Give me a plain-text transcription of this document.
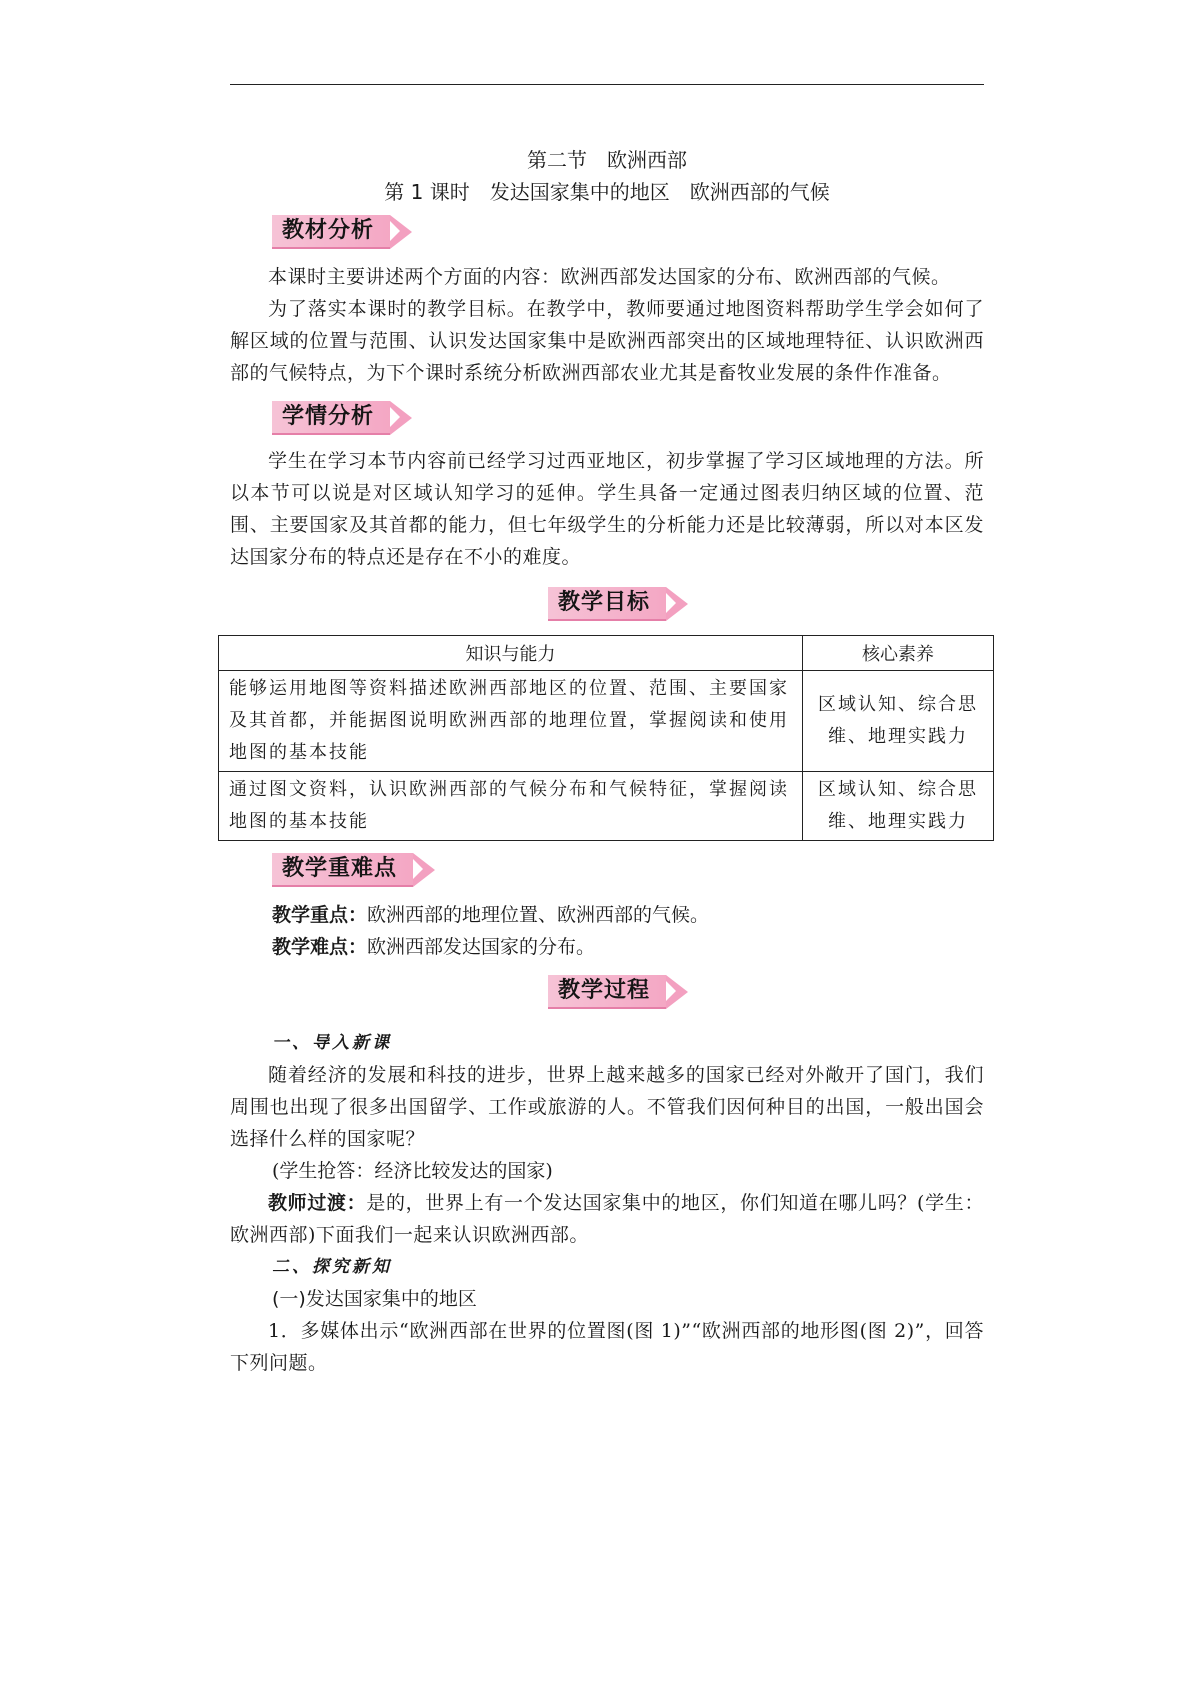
第二节　欧洲西部
第 1 课时　发达国家集中的地区　欧洲西部的气候
教材分析
本课时主要讲述两个方面的内容：欧洲西部发达国家的分布、欧洲西部的气候。
为了落实本课时的教学目标。在教学中，教师要通过地图资料帮助学生学会如何了解区域的位置与范围、认识发达国家集中是欧洲西部突出的区域地理特征、认识欧洲西部的气候特点，为下个课时系统分析欧洲西部农业尤其是畜牧业发展的条件作准备。
学情分析
学生在学习本节内容前已经学习过西亚地区，初步掌握了学习区域地理的方法。所以本节可以说是对区域认知学习的延伸。学生具备一定通过图表归纳区域的位置、范围、主要国家及其首都的能力，但七年级学生的分析能力还是比较薄弱，所以对本区发达国家分布的特点还是存在不小的难度。
教学目标
知识与能力	核心素养
能够运用地图等资料描述欧洲西部地区的位置、范围、主要国家及其首都，并能据图说明欧洲西部的地理位置，掌握阅读和使用地图的基本技能	区域认知、综合思维、地理实践力
通过图文资料，认识欧洲西部的气候分布和气候特征，掌握阅读地图的基本技能	区域认知、综合思维、地理实践力
教学重难点
教学重点：欧洲西部的地理位置、欧洲西部的气候。
教学难点：欧洲西部发达国家的分布。
教学过程
一、导入新课
随着经济的发展和科技的进步，世界上越来越多的国家已经对外敞开了国门，我们周围也出现了很多出国留学、工作或旅游的人。不管我们因何种目的出国，一般出国会选择什么样的国家呢？
(学生抢答：经济比较发达的国家)
教师过渡：是的，世界上有一个发达国家集中的地区，你们知道在哪儿吗？(学生：欧洲西部)下面我们一起来认识欧洲西部。
二、探究新知
(一)发达国家集中的地区
1．多媒体出示“欧洲西部在世界的位置图(图 1)”“欧洲西部的地形图(图 2)”，回答下列问题。
